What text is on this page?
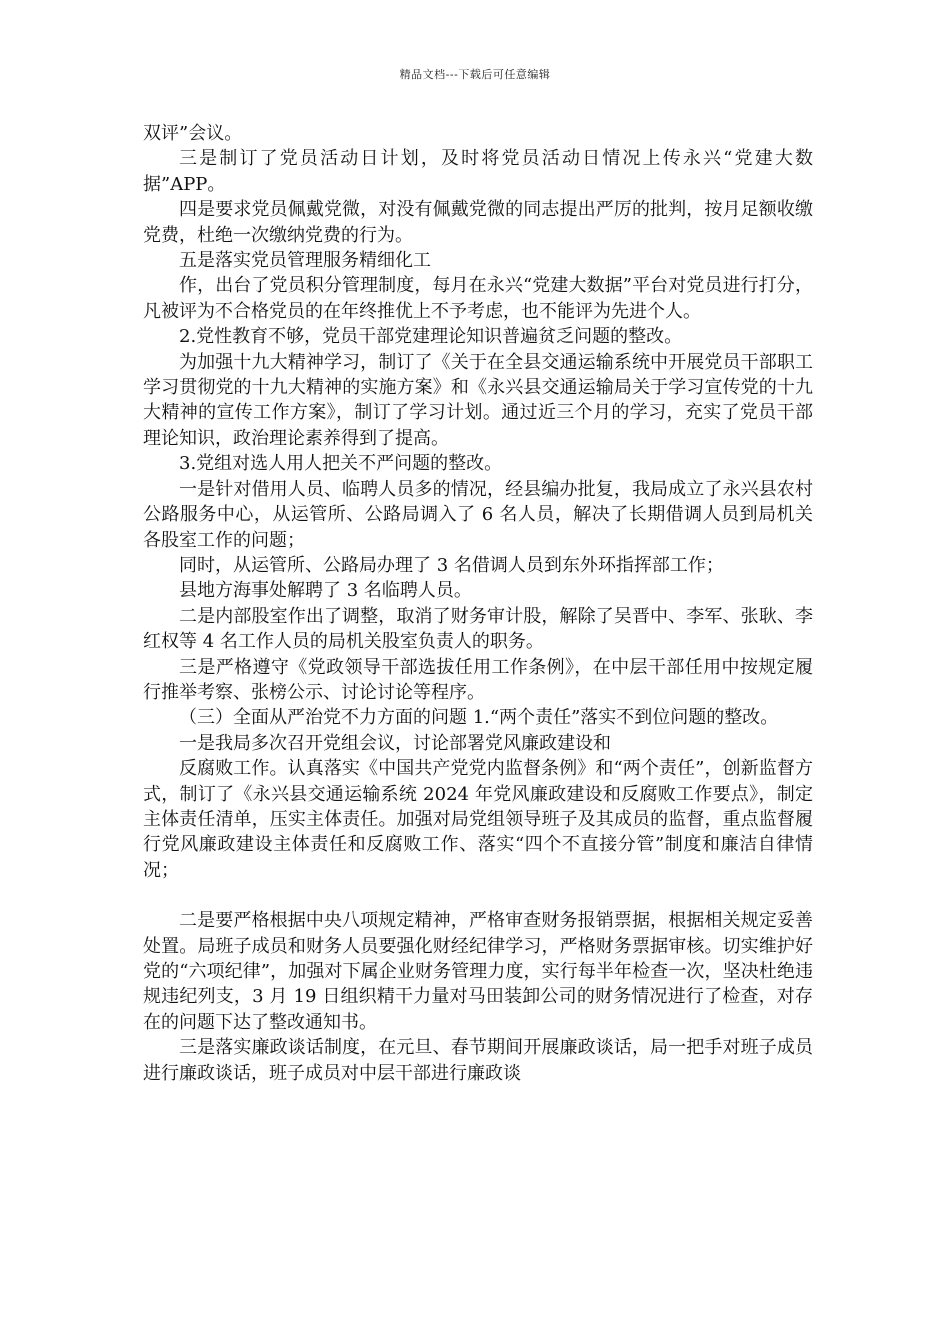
精品文档---下载后可任意编辑

双评”会议。

三是制订了党员活动日计划，及时将党员活动日情况上传永兴“党建大数据”APP。

四是要求党员佩戴党微，对没有佩戴党微的同志提出严厉的批判，按月足额收缴党费，杜绝一次缴纳党费的行为。

五是落实党员管理服务精细化工

作，出台了党员积分管理制度，每月在永兴“党建大数据”平台对党员进行打分，凡被评为不合格党员的在年终推优上不予考虑，也不能评为先进个人。

2.党性教育不够，党员干部党建理论知识普遍贫乏问题的整改。

为加强十九大精神学习，制订了《关于在全县交通运输系统中开展党员干部职工学习贯彻党的十九大精神的实施方案》和《永兴县交通运输局关于学习宣传党的十九大精神的宣传工作方案》，制订了学习计划。通过近三个月的学习，充实了党员干部理论知识，政治理论素养得到了提高。

3.党组对选人用人把关不严问题的整改。

一是针对借用人员、临聘人员多的情况，经县编办批复，我局成立了永兴县农村公路服务中心，从运管所、公路局调入了 6 名人员，解决了长期借调人员到局机关各股室工作的问题；

同时，从运管所、公路局办理了 3 名借调人员到东外环指挥部工作；

县地方海事处解聘了 3 名临聘人员。

二是内部股室作出了调整，取消了财务审计股，解除了吴晋中、李军、张耿、李红权等 4 名工作人员的局机关股室负责人的职务。

三是严格遵守《党政领导干部选拔任用工作条例》，在中层干部任用中按规定履行推举考察、张榜公示、讨论讨论等程序。

（三）全面从严治党不力方面的问题 1.“两个责任”落实不到位问题的整改。

一是我局多次召开党组会议，讨论部署党风廉政建设和

反腐败工作。认真落实《中国共产党党内监督条例》和“两个责任”，创新监督方式，制订了《永兴县交通运输系统 2024 年党风廉政建设和反腐败工作要点》，制定主体责任清单，压实主体责任。加强对局党组领导班子及其成员的监督，重点监督履行党风廉政建设主体责任和反腐败工作、落实“四个不直接分管”制度和廉洁自律情况；

二是要严格根据中央八项规定精神，严格审查财务报销票据，根据相关规定妥善处置。局班子成员和财务人员要强化财经纪律学习，严格财务票据审核。切实维护好党的“六项纪律”，加强对下属企业财务管理力度，实行每半年检查一次，坚决杜绝违规违纪列支，3 月 19 日组织精干力量对马田装卸公司的财务情况进行了检查，对存在的问题下达了整改通知书。

三是落实廉政谈话制度，在元旦、春节期间开展廉政谈话，局一把手对班子成员进行廉政谈话，班子成员对中层干部进行廉政谈
